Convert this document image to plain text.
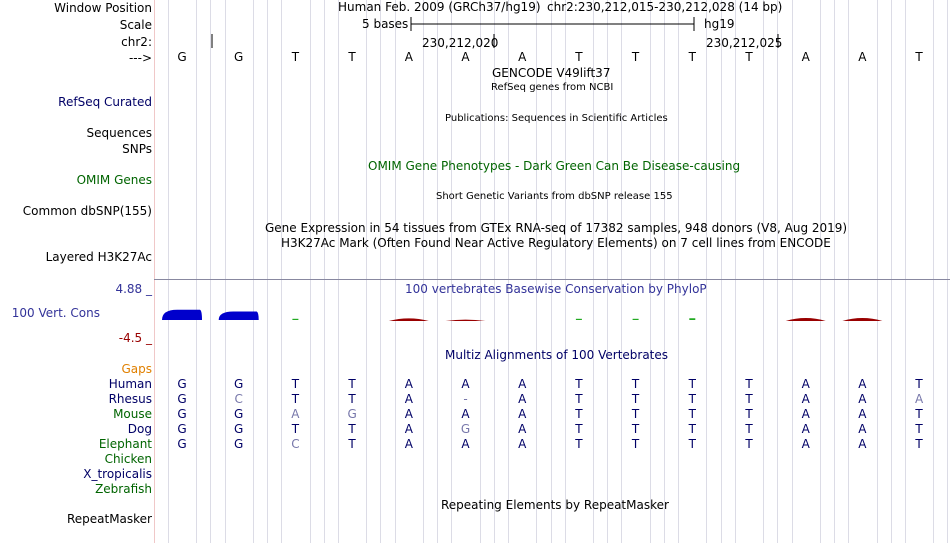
Window Position
Scale
chr2:
--->
RefSeq Curated
Sequences
SNPs
OMIM Genes
Common dbSNP(155)
Layered H3K27Ac
4.88 _
100 Vert. Cons
-4.5 _
Gaps
RepeatMasker
Human Feb. 2009 (GRCh37/hg19) chr2:230,212,015-230,212,028 (14 bp)
5 bases	hg19
230,212,020	230,212,025
G	G	T	T	A	A	A	T	T	T	T	A	A	T
GENCODE V49lift37
RefSeq genes from NCBI
Publications: Sequences in Scientific Articles
OMIM Gene Phenotypes - Dark Green Can Be Disease-causing
Short Genetic Variants from dbSNP release 155
Gene Expression in 54 tissues from GTEx RNA-seq of 17382 samples, 948 donors (V8, Aug 2019)
H3K27Ac Mark (Often Found Near Active Regulatory Elements) on 7 cell lines from ENCODE
100 vertebrates Basewise Conservation by PhyloP
Multiz Alignments of 100 Vertebrates
Human	G	G	T	T	A	A	A	T	T	T	T	A	A	T
Rhesus	G	C	T	T	A	-	A	T	T	T	T	A	A	A
Mouse	G	G	A	G	A	A	A	T	T	T	T	A	A	T
Dog	G	G	T	T	A	G	A	T	T	T	T	A	A	T
Elephant	G	G	C	T	A	A	A	T	T	T	T	A	A	T
Chicken
X_tropicalis
Zebrafish
Repeating Elements by RepeatMasker
